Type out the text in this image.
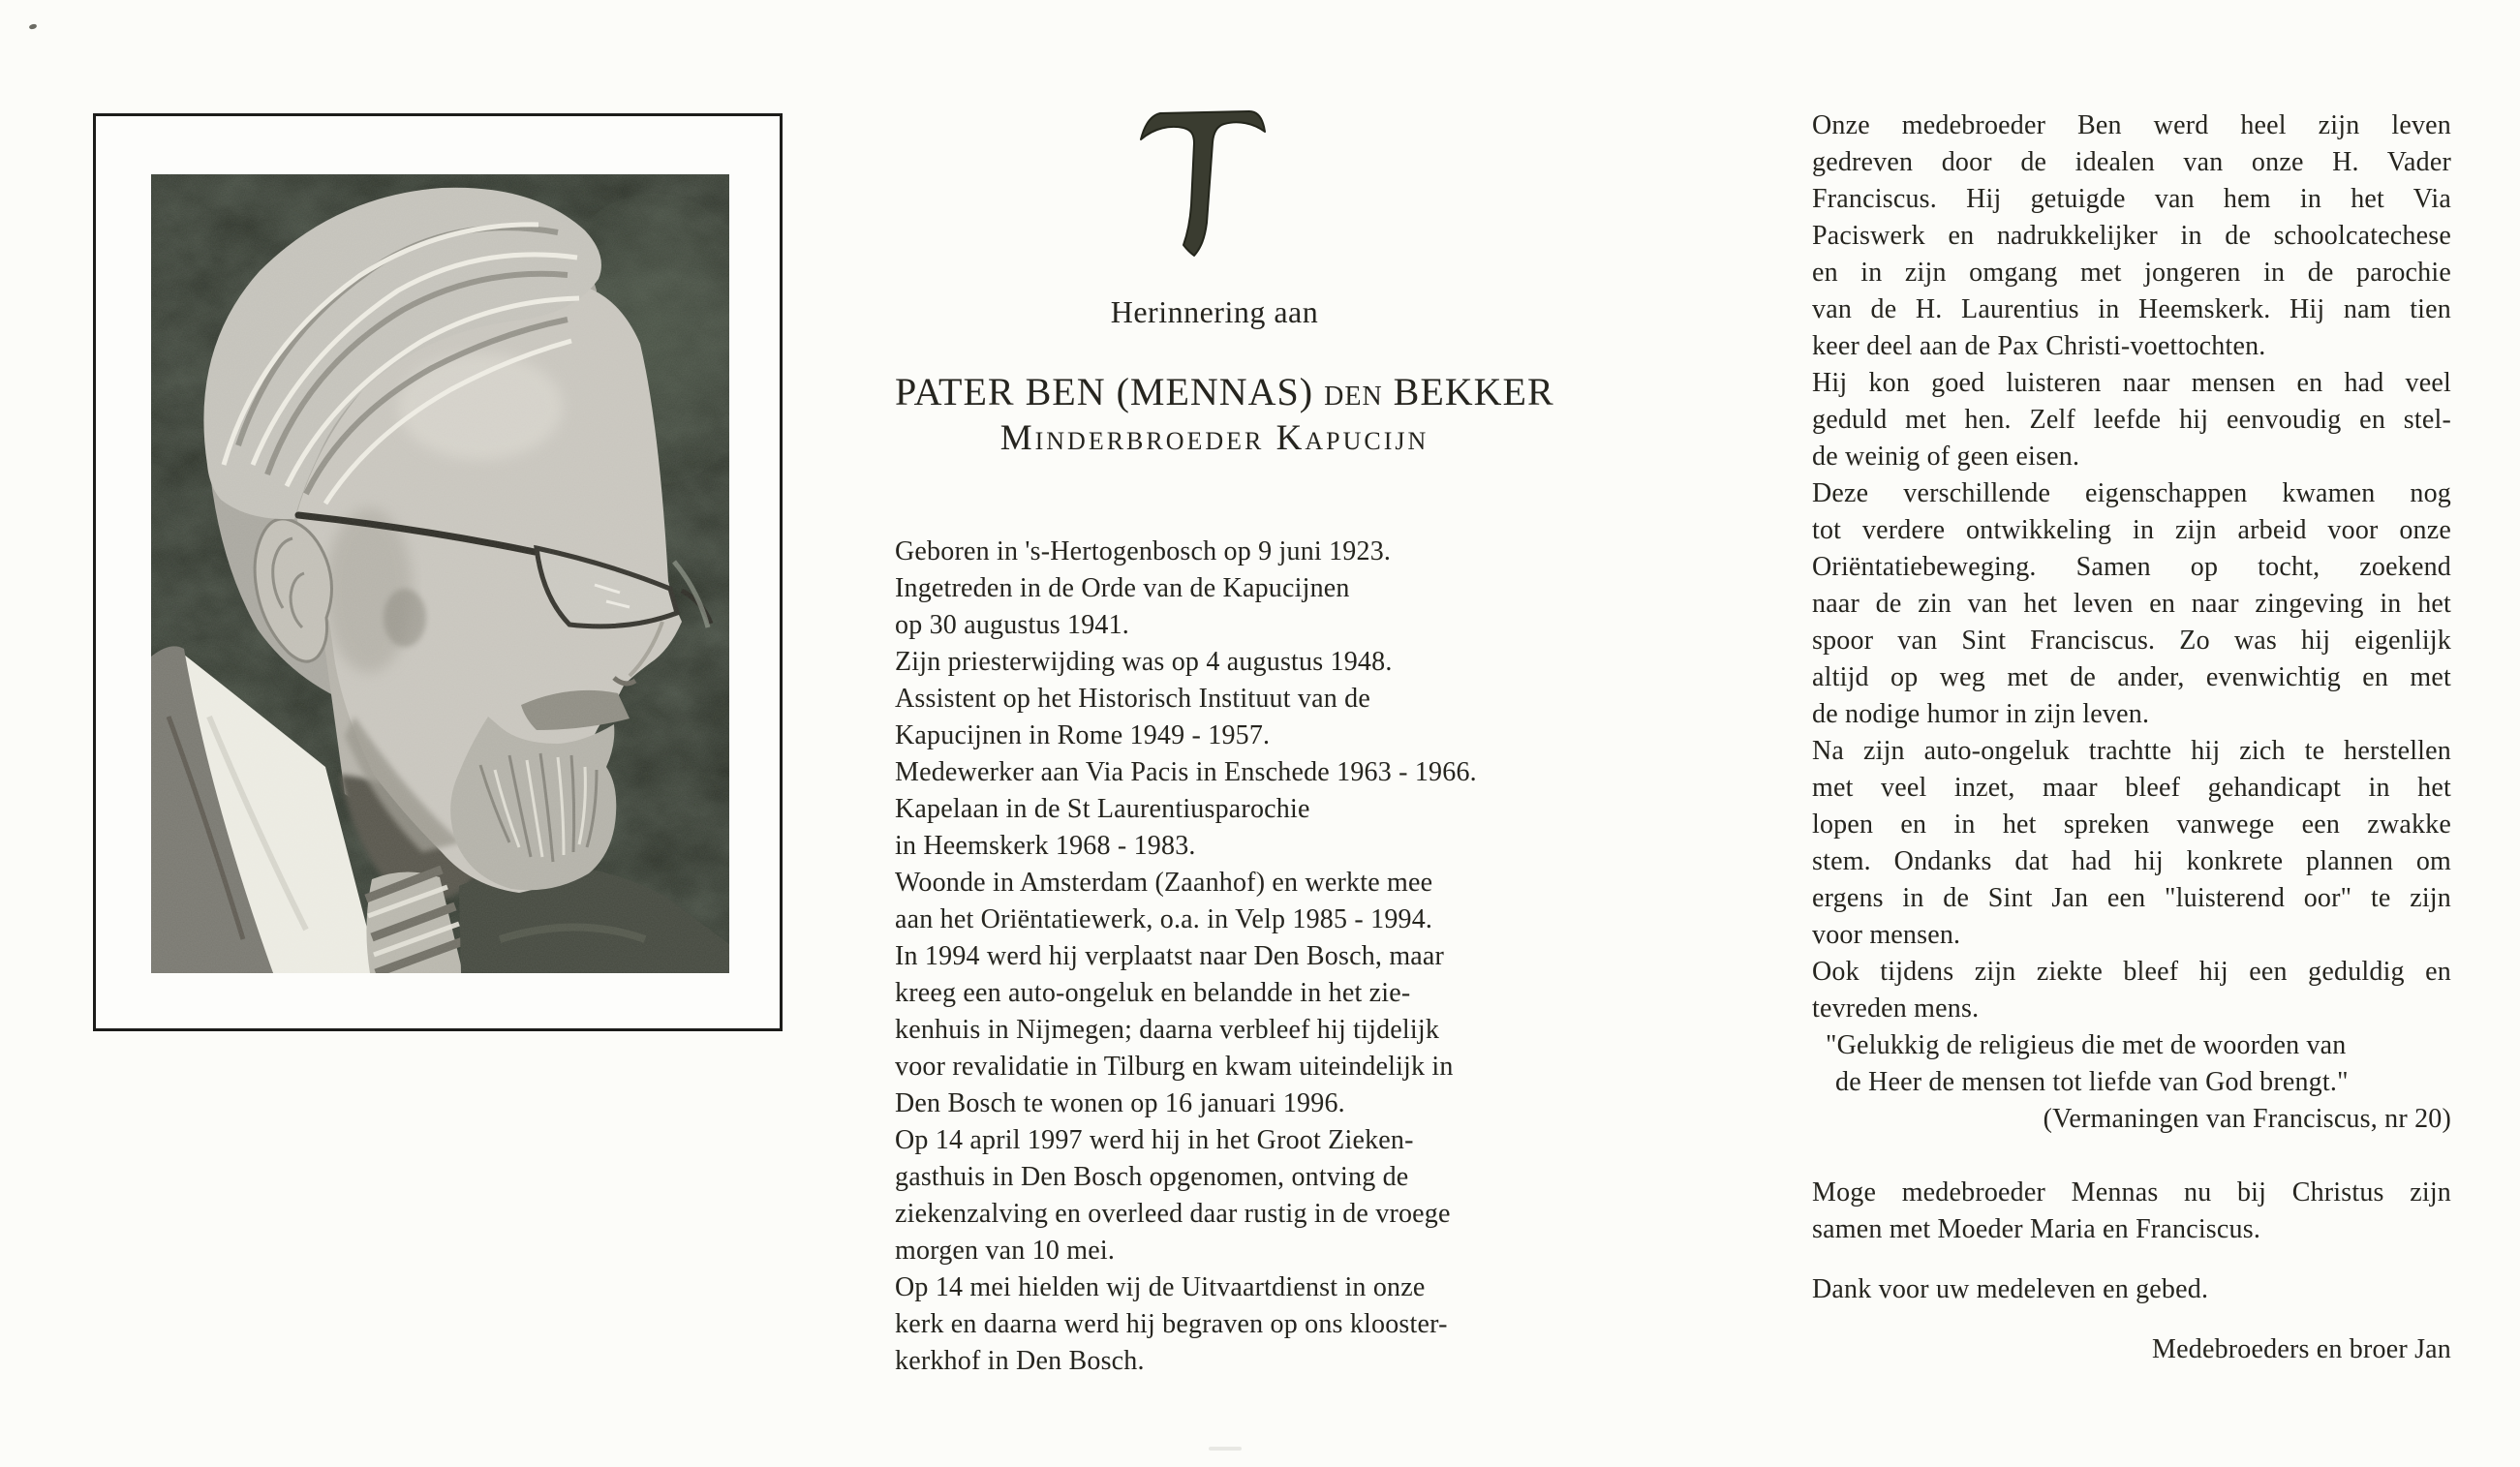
Herinnering aan
PATER BEN (MENNAS) den BEKKER
Minderbroeder Kapucijn
Geboren in 's-Hertogenbosch op 9 juni 1923.
Ingetreden in de Orde van de Kapucijnen
op 30 augustus 1941.
Zijn priesterwijding was op 4 augustus 1948.
Assistent op het Historisch Instituut van de
Kapucijnen in Rome 1949 - 1957.
Medewerker aan Via Pacis in Enschede 1963 - 1966.
Kapelaan in de St Laurentiusparochie
in Heemskerk 1968 - 1983.
Woonde in Amsterdam (Zaanhof) en werkte mee
aan het Oriëntatiewerk, o.a. in Velp 1985 - 1994.
In 1994 werd hij verplaatst naar Den Bosch, maar
kreeg een auto-ongeluk en belandde in het zie-
kenhuis in Nijmegen; daarna verbleef hij tijdelijk
voor revalidatie in Tilburg en kwam uiteindelijk in
Den Bosch te wonen op 16 januari 1996.
Op 14 april 1997 werd hij in het Groot Zieken-
gasthuis in Den Bosch opgenomen, ontving de
ziekenzalving en overleed daar rustig in de vroege
morgen van 10 mei.
Op 14 mei hielden wij de Uitvaartdienst in onze
kerk en daarna werd hij begraven op ons klooster-
kerkhof in Den Bosch.
Onze medebroeder Ben werd heel zijn leven
gedreven door de idealen van onze H. Vader
Franciscus. Hij getuigde van hem in het Via
Paciswerk en nadrukkelijker in de schoolcatechese
en in zijn omgang met jongeren in de parochie
van de H. Laurentius in Heemskerk. Hij nam tien
keer deel aan de Pax Christi-voettochten.
Hij kon goed luisteren naar mensen en had veel
geduld met hen. Zelf leefde hij eenvoudig en stel-
de weinig of geen eisen.
Deze verschillende eigenschappen kwamen nog
tot verdere ontwikkeling in zijn arbeid voor onze
Oriëntatiebeweging. Samen op tocht, zoekend
naar de zin van het leven en naar zingeving in het
spoor van Sint Franciscus. Zo was hij eigenlijk
altijd op weg met de ander, evenwichtig en met
de nodige humor in zijn leven.
Na zijn auto-ongeluk trachtte hij zich te herstellen
met veel inzet, maar bleef gehandicapt in het
lopen en in het spreken vanwege een zwakke
stem. Ondanks dat had hij konkrete plannen om
ergens in de Sint Jan een "luisterend oor" te zijn
voor mensen.
Ook tijdens zijn ziekte bleef hij een geduldig en
tevreden mens.
"Gelukkig de religieus die met de woorden van
de Heer de mensen tot liefde van God brengt."
(Vermaningen van Franciscus, nr 20)
Moge medebroeder Mennas nu bij Christus zijn
samen met Moeder Maria en Franciscus.
Dank voor uw medeleven en gebed.
Medebroeders en broer Jan
